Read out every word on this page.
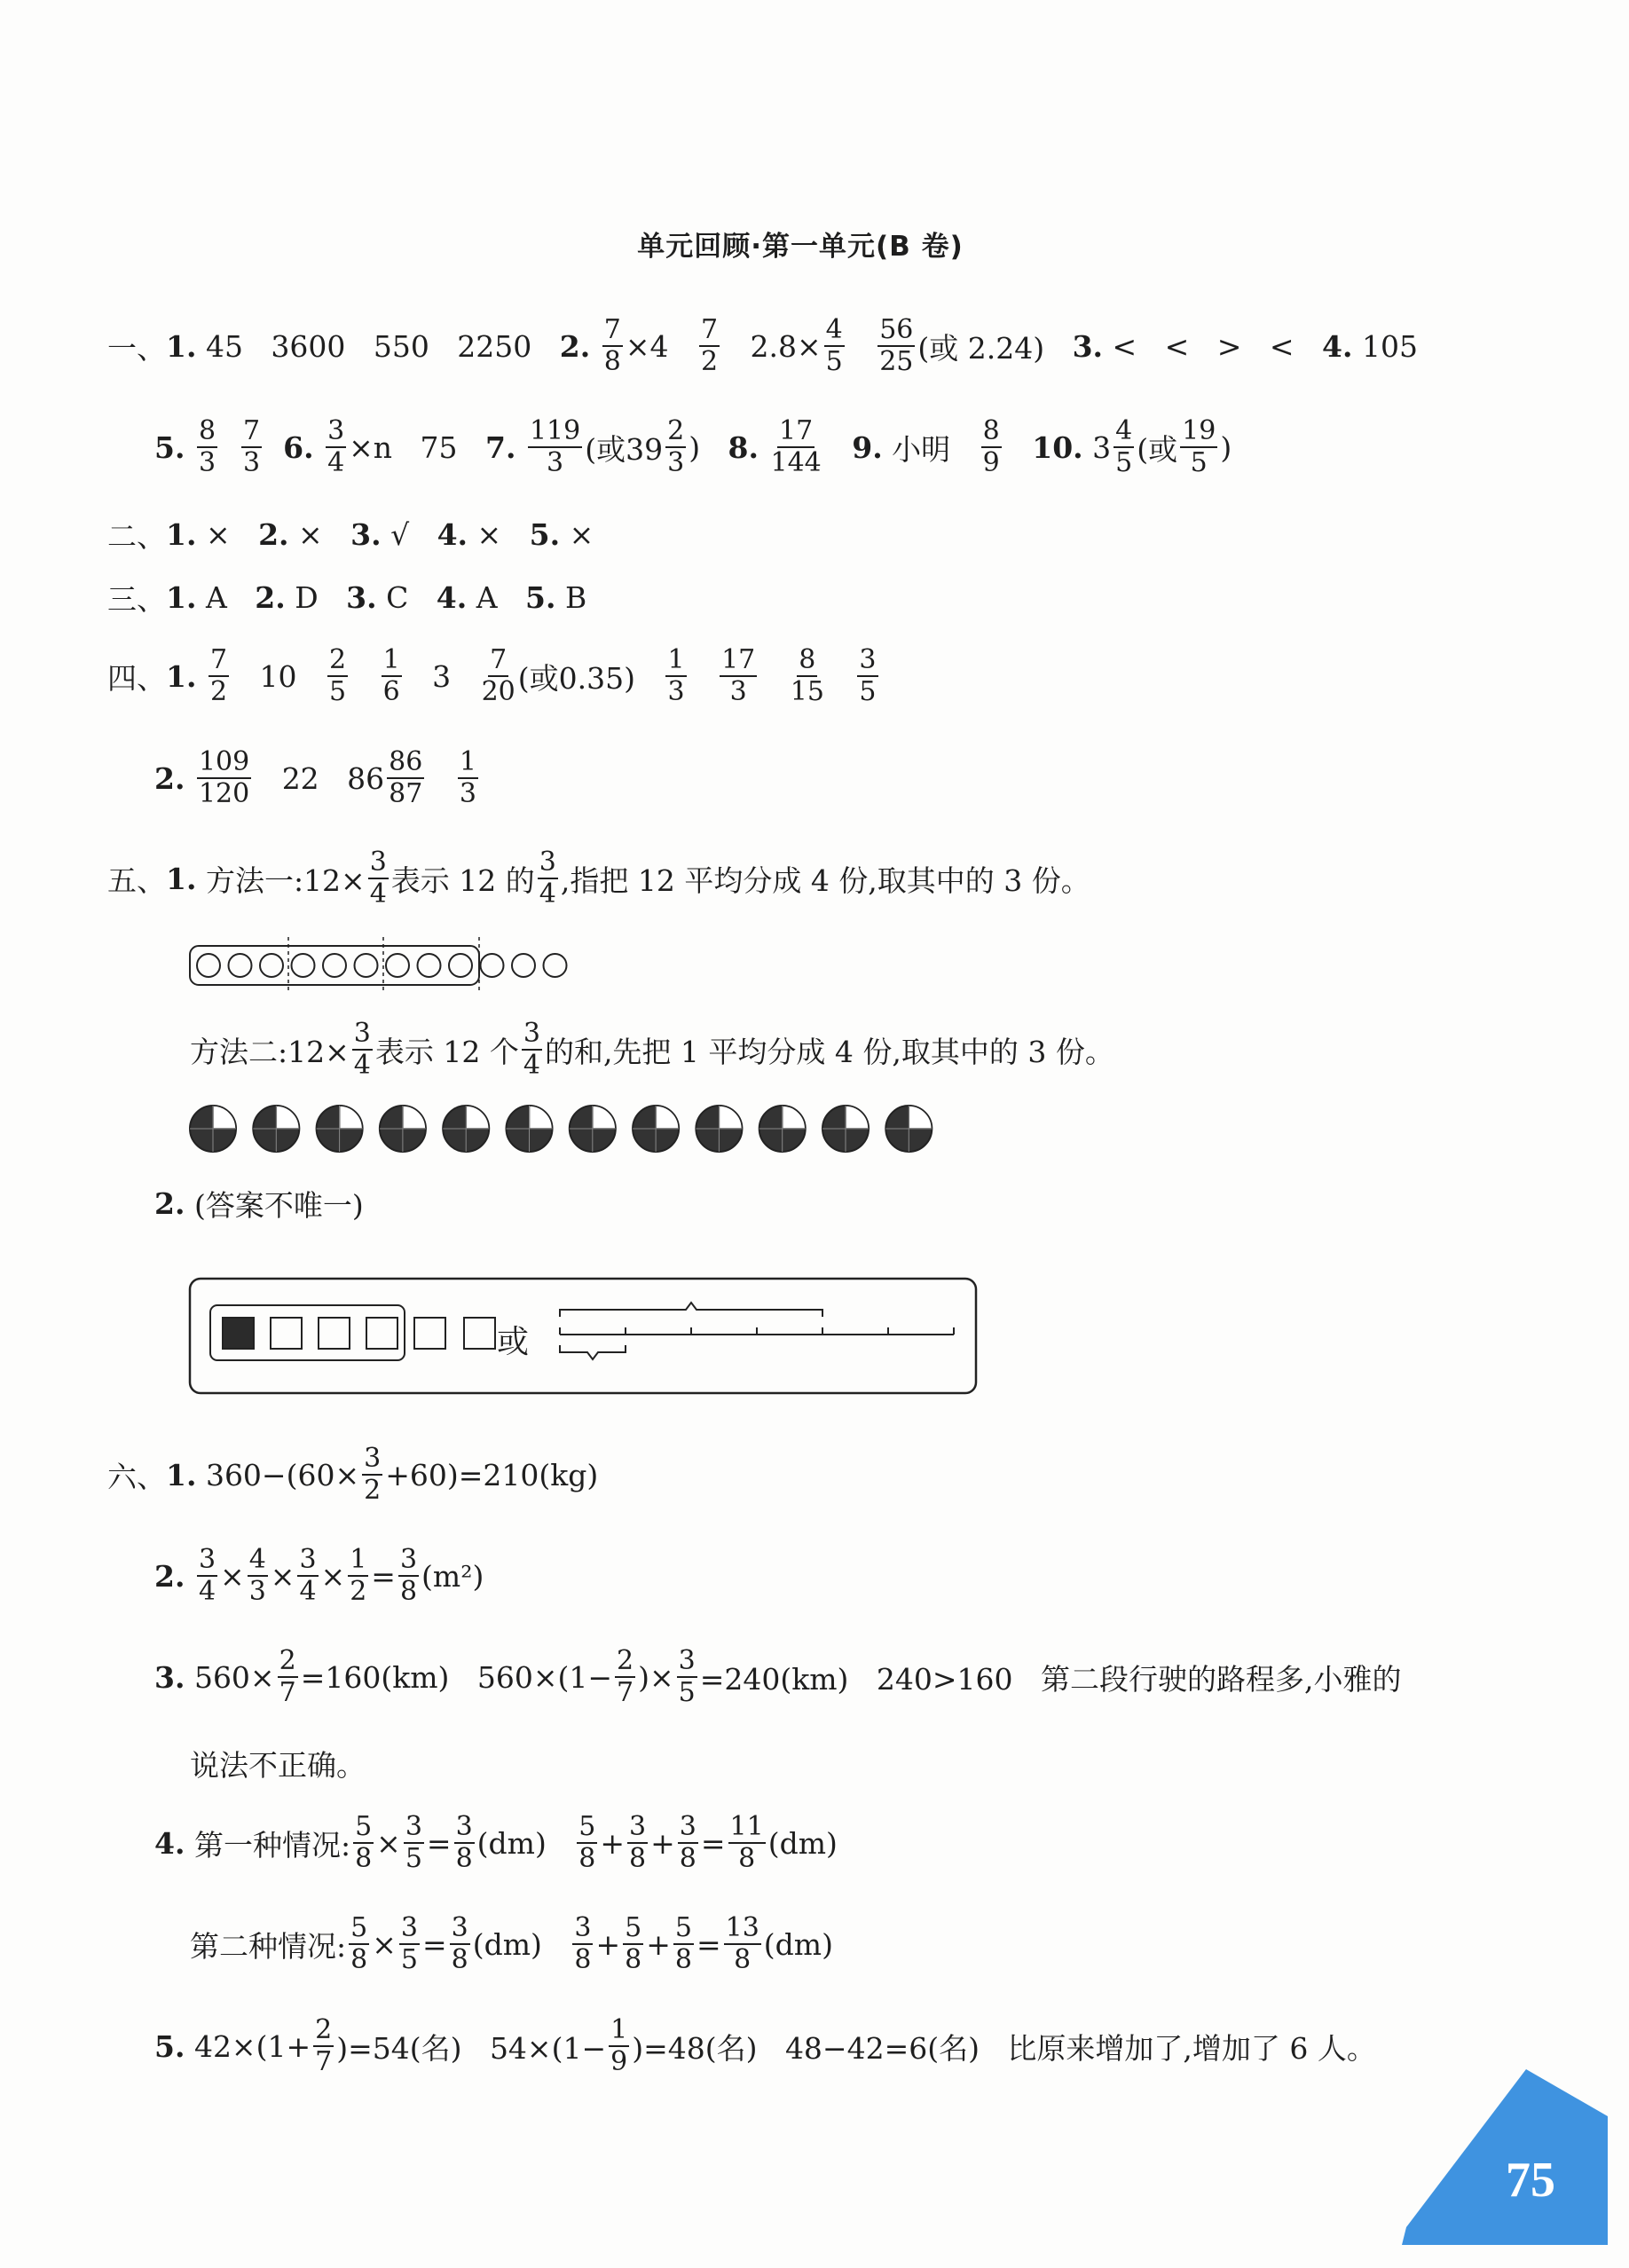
单元回顾·第一单元(B 卷)
一、 1. 45   3600   550   2250 2.
$\frac{7}{8} \times 4 \frac{7}{2} 2.8\times \frac{4}{5}$
$\frac{56}{25}$ (或 2.24) 3. <   <   >   < 4. 105
5.
$\frac{8}{3}$
$\frac{7}{3}$
6.
$\frac{3}{4} \times n$   75 7.
$\frac{119}{3}$ (或$39 \frac{2}{3}$ ) 8.
$\frac{17}{144}$
9. 小明 $\frac{8}{9}$
10. $3 \frac{4}{5}$ (或 $\frac{19}{5}$ )
二、 1. × 2. × 3. √ 4. × 5. ×
三、 1. A 2. D 3. C 4. A 5. B
四、 1.
$\frac{7}{2} 10 \frac{2}{5}$
$\frac{1}{6} 3 \frac{7}{20}$ (或$0.35) \frac{1}{3}$
$\frac{17}{3}$
$\frac{8}{15}$
$\frac{3}{5}$
2.
$\frac{109}{120} 22$   $86 \frac{86}{87}$
$\frac{1}{3}$
五、 1. 方法一:12× $\frac{3}{4}$ 表示 12 的 $\frac{3}{4}$ ,指把 12 平均分成 4 份,取其中的 3 份。
方法二:12× $\frac{3}{4}$ 表示 12 个 $\frac{3}{4}$ 的和,先把 1 平均分成 4 份,取其中的 3 份。
2. (答案不唯一)
六、 1. $360-(60\times \frac{3}{2} +60)=210(kg)$
2.
$\frac{3}{4} \times \frac{4}{3} \times \frac{3}{4} \times \frac{1}{2} = \frac{3}{8} (m^2)$
3. $560\times \frac{2}{7} =160(km)$   $560\times(1- \frac{2}{7}$ )× $\frac{3}{5} =240(km)$   240>160   第二段行驶的路程多,小雅的
说法不正确。
4. 第一种情况: $\frac{5}{8} \times \frac{3}{5} = \frac{3}{8} (dm) \frac{5}{8} + \frac{3}{8} + \frac{3}{8} = \frac{11}{8} (dm)$
第二种情况: $\frac{5}{8} \times \frac{3}{5} = \frac{3}{8} (dm) \frac{3}{8} + \frac{5}{8} + \frac{5}{8} = \frac{13}{8} (dm)$
5. $42\times(1+ \frac{2}{7} )=54$(名)   $54\times(1- \frac{1}{9} )=48$(名)   48−42=6(名)   比原来增加了,增加了 6 人。
或
75
